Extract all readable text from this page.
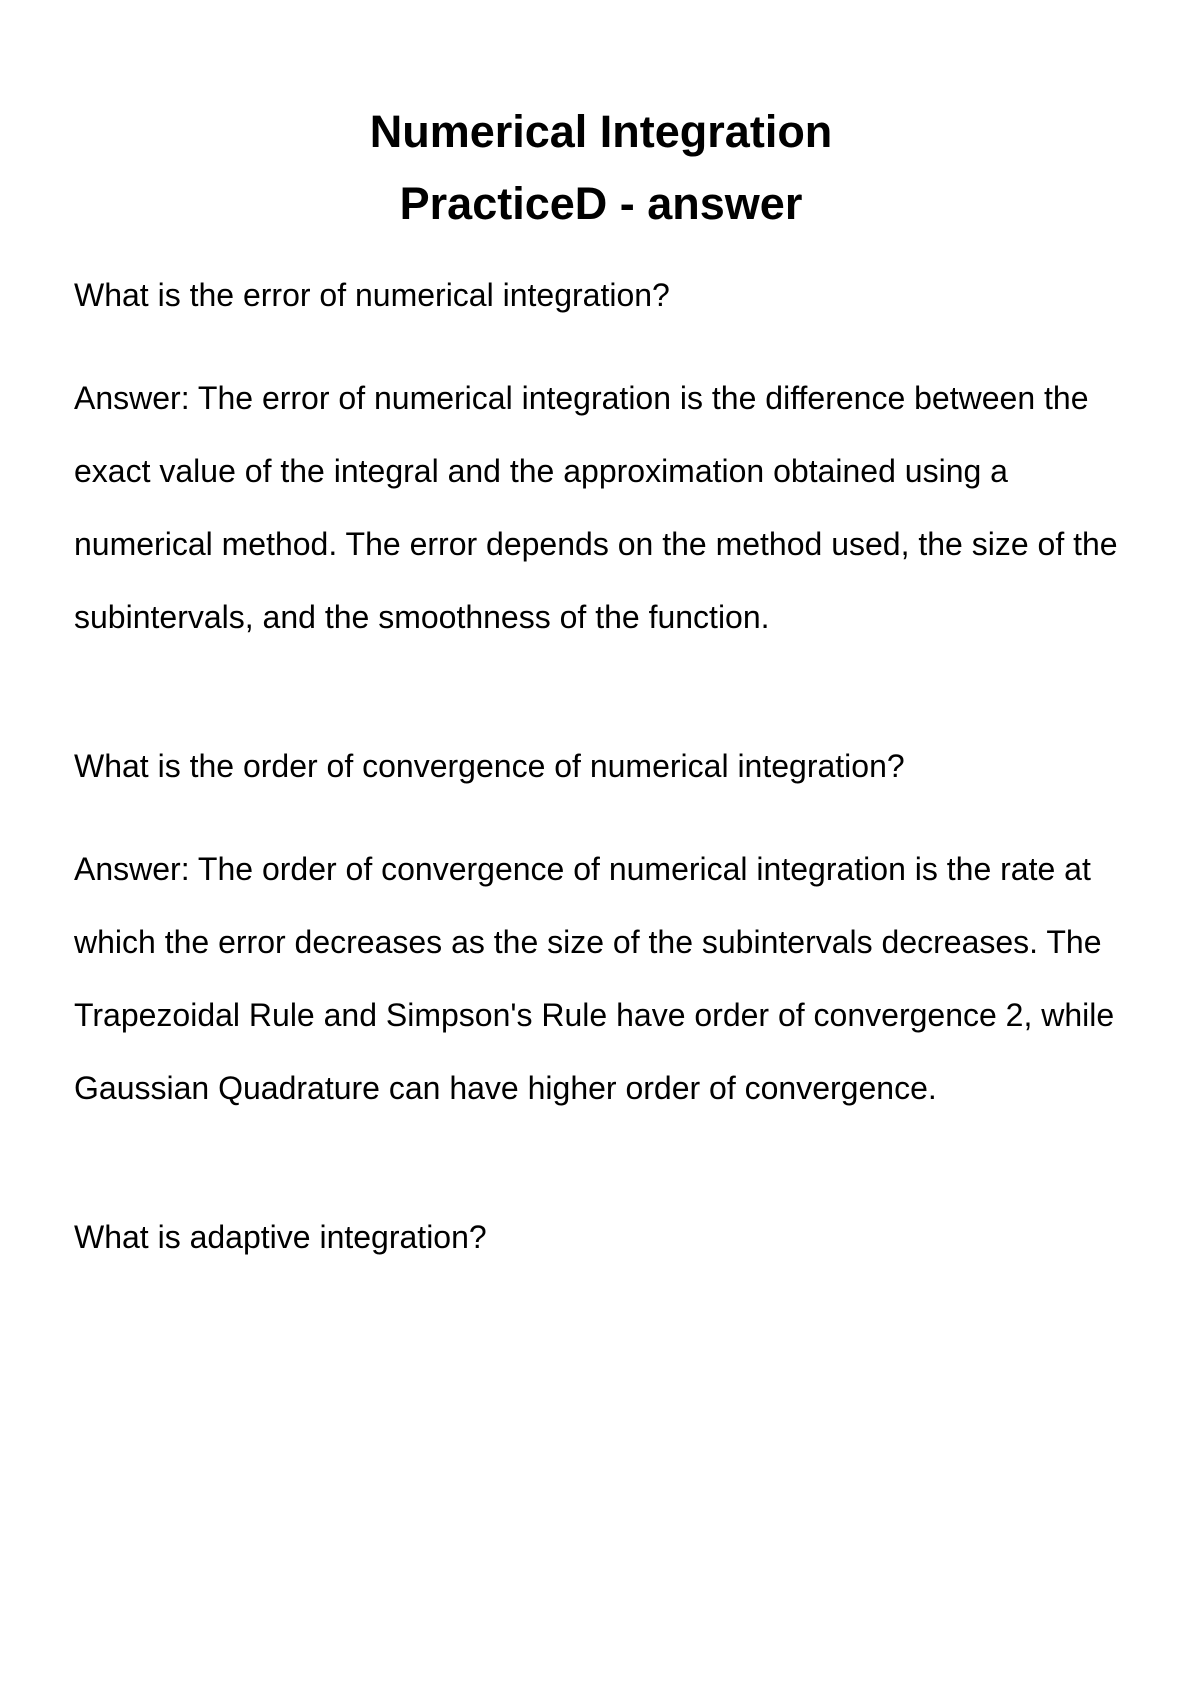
Numerical Integration
PracticeD - answer

What is the error of numerical integration?

Answer: The error of numerical integration is the difference between the exact value of the integral and the approximation obtained using a numerical method. The error depends on the method used, the size of the subintervals, and the smoothness of the function.

What is the order of convergence of numerical integration?

Answer: The order of convergence of numerical integration is the rate at which the error decreases as the size of the subintervals decreases. The Trapezoidal Rule and Simpson's Rule have order of convergence 2, while Gaussian Quadrature can have higher order of convergence.

What is adaptive integration?
